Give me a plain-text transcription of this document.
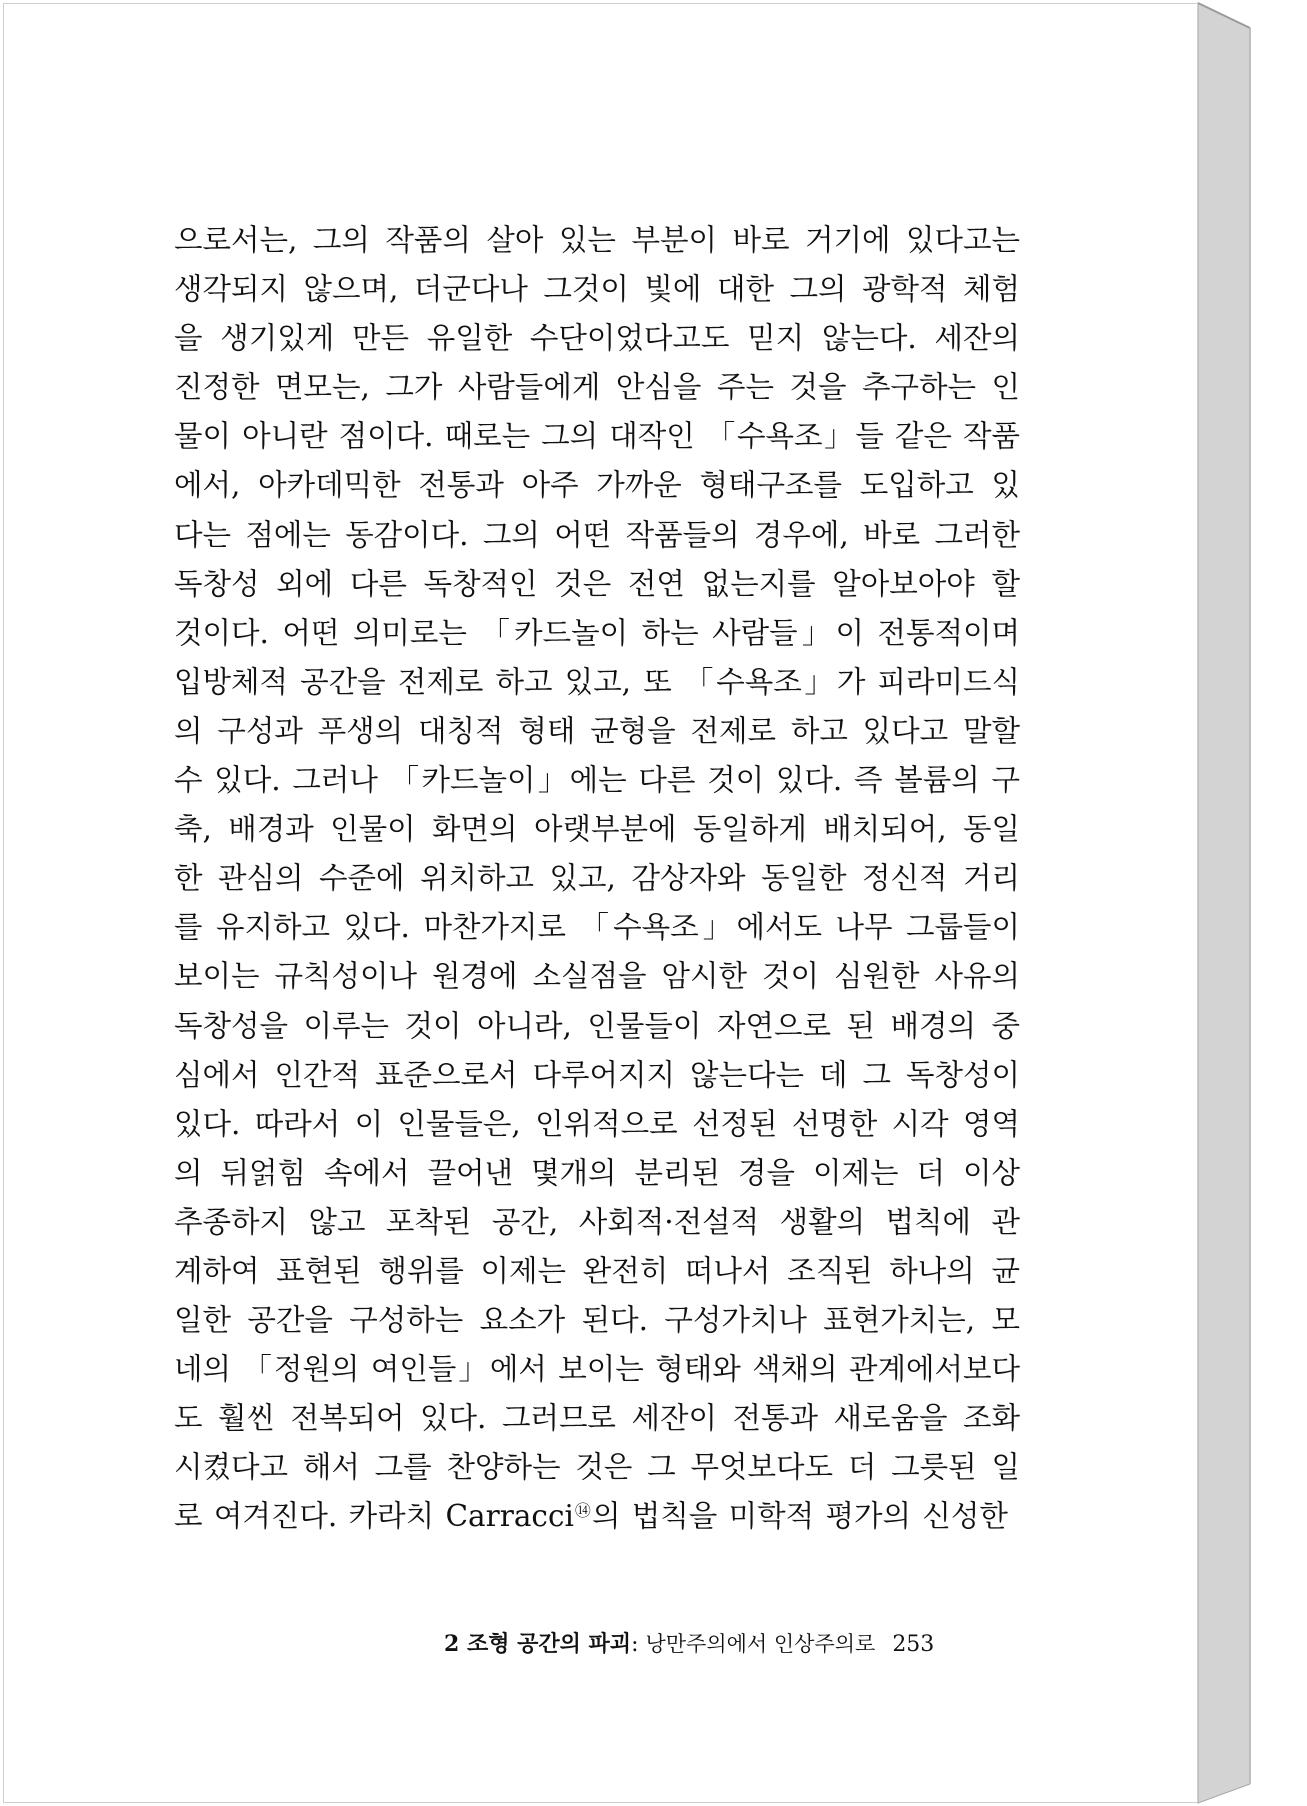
으로서는, 그의 작품의 살아 있는 부분이 바로 거기에 있다고는
생각되지 않으며, 더군다나 그것이 빛에 대한 그의 광학적 체험
을 생기있게 만든 유일한 수단이었다고도 믿지 않는다. 세잔의
진정한 면모는, 그가 사람들에게 안심을 주는 것을 추구하는 인
물이 아니란 점이다. 때로는 그의 대작인 「수욕조」들 같은 작품
에서, 아카데믹한 전통과 아주 가까운 형태구조를 도입하고 있
다는 점에는 동감이다. 그의 어떤 작품들의 경우에, 바로 그러한
독창성 외에 다른 독창적인 것은 전연 없는지를 알아보아야 할
것이다. 어떤 의미로는 「카드놀이 하는 사람들」이 전통적이며
입방체적 공간을 전제로 하고 있고, 또 「수욕조」가 피라미드식
의 구성과 푸생의 대칭적 형태 균형을 전제로 하고 있다고 말할
수 있다. 그러나 「카드놀이」에는 다른 것이 있다. 즉 볼륨의 구
축, 배경과 인물이 화면의 아랫부분에 동일하게 배치되어, 동일
한 관심의 수준에 위치하고 있고, 감상자와 동일한 정신적 거리
를 유지하고 있다. 마찬가지로 「수욕조」에서도 나무 그룹들이
보이는 규칙성이나 원경에 소실점을 암시한 것이 심원한 사유의
독창성을 이루는 것이 아니라, 인물들이 자연으로 된 배경의 중
심에서 인간적 표준으로서 다루어지지 않는다는 데 그 독창성이
있다. 따라서 이 인물들은, 인위적으로 선정된 선명한 시각 영역
의 뒤얽힘 속에서 끌어낸 몇개의 분리된 경을 이제는 더 이상
추종하지 않고 포착된 공간, 사회적·전설적 생활의 법칙에 관
계하여 표현된 행위를 이제는 완전히 떠나서 조직된 하나의 균
일한 공간을 구성하는 요소가 된다. 구성가치나 표현가치는, 모
네의 「정원의 여인들」에서 보이는 형태와 색채의 관계에서보다
도 훨씬 전복되어 있다. 그러므로 세잔이 전통과 새로움을 조화
시켰다고 해서 그를 찬양하는 것은 그 무엇보다도 더 그릇된 일
로 여겨진다. 카라치 Carracci⑭의 법칙을 미학적 평가의 신성한
2 조형 공간의 파괴: 낭만주의에서 인상주의로 253
